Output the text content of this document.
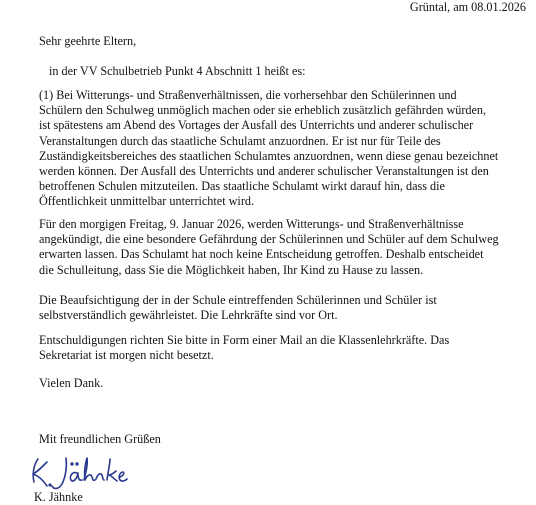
Grüntal, am 08.01.2026

Sehr geehrte Eltern,

in der VV Schulbetrieb Punkt 4 Abschnitt 1 heißt es:

(1) Bei Witterungs- und Straßenverhältnissen, die vorhersehbar den Schülerinnen und
Schülern den Schulweg unmöglich machen oder sie erheblich zusätzlich gefährden würden,
ist spätestens am Abend des Vortages der Ausfall des Unterrichts und anderer schulischer
Veranstaltungen durch das staatliche Schulamt anzuordnen. Er ist nur für Teile des
Zuständigkeitsbereiches des staatlichen Schulamtes anzuordnen, wenn diese genau bezeichnet
werden können. Der Ausfall des Unterrichts und anderer schulischer Veranstaltungen ist den
betroffenen Schulen mitzuteilen. Das staatliche Schulamt wirkt darauf hin, dass die
Öffentlichkeit unmittelbar unterrichtet wird.
Für den morgigen Freitag, 9. Januar 2026, werden Witterungs- und Straßenverhältnisse
angekündigt, die eine besondere Gefährdung der Schülerinnen und Schüler auf dem Schulweg
erwarten lassen. Das Schulamt hat noch keine Entscheidung getroffen. Deshalb entscheidet
die Schulleitung, dass Sie die Möglichkeit haben, Ihr Kind zu Hause zu lassen.
Die Beaufsichtigung der in der Schule eintreffenden Schülerinnen und Schüler ist
selbstverständlich gewährleistet. Die Lehrkräfte sind vor Ort.
Entschuldigungen richten Sie bitte in Form einer Mail an die Klassenlehrkräfte. Das
Sekretariat ist morgen nicht besetzt.

Vielen Dank.

Mit freundlichen Grüßen

K. Jähnke
